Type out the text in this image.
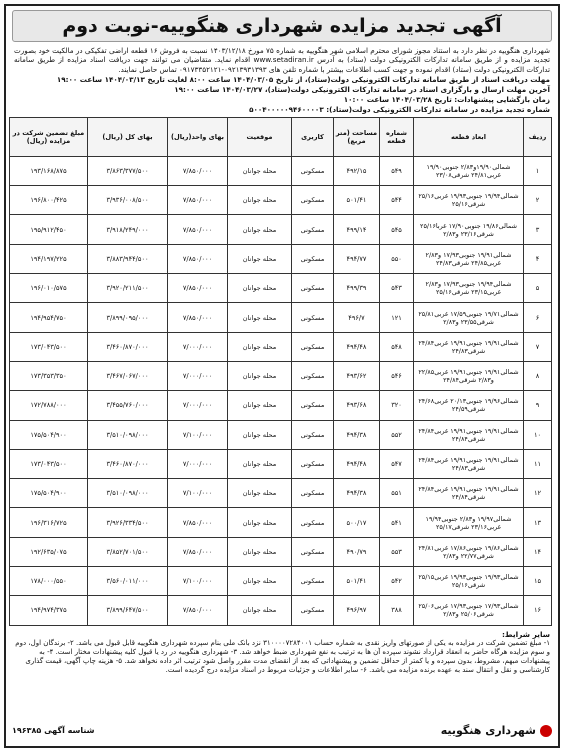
آگهی تجدید مزایده شهرداری هنگوییه-نوبت دوم
شهرداری هنگوییه در نظر دارد به استناد مجوز شورای محترم اسلامی شهر هنگوییه به شماره ۷۵ مورخ ۱۴۰۳/۱۲/۱۸ نسبت به فروش ۱۶ قطعه اراضی تفکیکی در مالکیت خود بصورت تجدید مزایده و از طریق سامانه تدارکات الکترونیکی دولت (ستاد) به آدرس www.setadiran.ir اقدام نماید. متقاضیان می توانند جهت دریافت اسناد مزایده از طریق سامانه تدارکات الکترونیکی دولت (ستاد) اقدام نموده و جهت کسب اطلاعات بیشتر با شماره تلفن های ۰۹۲۱۳۹۳۱۳۹۳-۰۹۱۷۳۳۵۲۱۲۱ تماس حاصل نمایند.
مهلت دریافت اسناد از طریق سامانه تدارکات الکترونیکی دولت(ستاد)، از تاریخ ۱۴۰۴/۰۳/۰۵ ساعت ۸:۰۰ لغایت تاریخ ۱۴۰۴/۰۳/۱۳ ساعت ۱۹:۰۰
آخرین مهلت ارسال و بارگزاری اسناد در سامانه تدارکات الکترونیکی دولت(ستاد)، ۱۴۰۴/۰۳/۲۷ ساعت ۱۹:۰۰
زمان بازگشایی پیشنهادات: تاریخ ۱۴۰۴/۰۳/۲۸ ساعت ۱۰:۰۰
شماره تجدید مزایده در سامانه تدارکات الکترونیکی دولت(ستاد): ۵۰۰۴۰۰۰۰۰۹۴۶۰۰۰۰۳
ردیف	ابعاد قطعه	شماره قطعه	مساحت (متر مربع)	کاربری	موقعیت	بهای واحد(ریال)	بهای کل (ریال)	مبلغ تضمین شرکت در مزایده (ریال)
۱	شمالی۱۹/۹۰و۲/۸۳ جنوبی۱۹/۹۰ غربی۲۴/۸۱ شرقی۲۳/۰۸	۵۴۹	۴۹۲/۱۵	مسکونی	محله جوانان	۷/۸۵۰/۰۰۰	۳/۸۶۳/۳۷۷/۵۰۰	۱۹۳/۱۶۸/۸۷۵
۲	شمالی۱۹/۹۴ جنوبی۱۹/۹۳ غربی۲۵/۱۶ شرقی۲۵/۱۶	۵۴۴	۵۰۱/۴۱	مسکونی	محله جوانان	۷/۸۵۰/۰۰۰	۳/۹۳۶/۰۰۸/۵۰۰	۱۹۶/۸۰۰/۴۲۵
۳	شمالی۱۹/۸۶ جنوبی۱۷/۹۰ غربا۲۵/۱۶ شرقی۲۳/۱۶ و۲/۸۳	۵۴۵	۴۹۹/۱۴	مسکونی	محله جوانان	۷/۸۵۰/۰۰۰	۳/۹۱۸/۲۴۹/۰۰۰	۱۹۵/۹۱۲/۴۵۰
۴	شمالی۱۹/۹۱ جنوبی۱۷/۹۳ و۲/۸۳ غربی۲۴/۸۵ شرقی۲۴/۸۳	۵۵۰	۴۹۴/۷۷	مسکونی	محله جوانان	۷/۸۵۰/۰۰۰	۳/۸۸۳/۹۴۴/۵۰۰	۱۹۴/۱۹۷/۲۲۵
۵	شمالی۱۹/۹۴ جنوبی۱۷/۹۳ و۲/۸۳ غربی۲۳/۱۵ شرقی۲۵/۱۶	۵۴۳	۴۹۹/۳۹	مسکونی	محله جوانان	۷/۸۵۰/۰۰۰	۳/۹۲۰/۲۱۱/۵۰۰	۱۹۶/۰۱۰/۵۷۵
۶	شمالی۱۹/۷۱ جنوبی۱۷/۵۹ غربی۲۵/۸۱ شرقی۲۳/۵۵ و۲/۸۳	۱۲۱	۴۹۶/۷	مسکونی	محله جوانان	۷/۸۵۰/۰۰۰	۳/۸۹۹/۰۹۵/۰۰۰	۱۹۴/۹۵۴/۷۵۰
۷	شمالی۱۹/۹۱ جنوبی۱۹/۹۱ غربی۲۴/۸۴ شرقی۲۴/۸۳	۵۴۸	۴۹۴/۴۸	مسکونی	محله جوانان	۷/۰۰۰/۰۰۰	۳/۴۶۰/۸۷۰/۰۰۰	۱۷۳/۰۴۳/۵۰۰
۸	شمالی۱۹/۹۱ جنوبی۱۹/۹۱ غربی۲۲/۸۵ و۲/۸۳ شرقی۲۴/۸۴	۵۴۶	۴۹۳/۶۲	مسکونی	محله جوانان	۷/۰۰۰/۰۰۰	۳/۴۶۷/۰۶۷/۰۰۰	۱۷۳/۳۵۳/۳۵۰
۹	شمالی۱۹/۹۶ جنوبی۲۰/۱۳ غربی۲۴/۶۸ شرقی۲۴/۵۹	۳۲۰	۴۹۳/۶۸	مسکونی	محله جوانان	۷/۰۰۰/۰۰۰	۳/۴۵۵/۷۶۰/۰۰۰	۱۷۲/۷۸۸/۰۰۰
۱۰	شمالی۱۹/۹۱ جنوبی۱۹/۹۱ غربی۲۴/۸۴ شرقی۲۴/۸۴	۵۵۲	۴۹۴/۳۸	مسکونی	محله جوانان	۷/۱۰۰/۰۰۰	۳/۵۱۰/۰۹۸/۰۰۰	۱۷۵/۵۰۴/۹۰۰
۱۱	شمالی۱۹/۹۱ جنوبی۱۹/۹۱ غربی۲۴/۸۴ شرقی۲۴/۸۳	۵۴۷	۴۹۴/۴۸	مسکونی	محله جوانان	۷/۰۰۰/۰۰۰	۳/۴۶۰/۸۷۰/۰۰۰	۱۷۳/۰۴۳/۵۰۰
۱۲	شمالی۱۹/۹۱ جنوبی۱۹/۹۱ غربی۲۴/۸۴ شرقی۲۴/۸۴	۵۵۱	۴۹۴/۳۸	مسکونی	محله جوانان	۷/۱۰۰/۰۰۰	۳/۵۱۰/۰۹۸/۰۰۰	۱۷۵/۵۰۴/۹۰۰
۱۳	شمالی۱۹/۹۷ و۲/۸۳ جنوبی۱۹/۹۴ غربی۲۳/۱۶ شرقی۲۵/۱۷	۵۴۱	۵۰۰/۱۷	مسکونی	محله جوانان	۷/۸۵۰/۰۰۰	۳/۹۲۶/۳۳۴/۵۰۰	۱۹۶/۳۱۶/۷۲۵
۱۴	شمالی۱۹/۸۶ جنوبی۱۷/۸۶ غربی۲۴/۸۱ شرقی۲۲/۷۷ و۲/۸۳	۵۵۳	۴۹۰/۷۹	مسکونی	محله جوانان	۷/۸۵۰/۰۰۰	۳/۸۵۲/۷۰۱/۵۰۰	۱۹۲/۶۳۵/۰۷۵
۱۵	شمالی۱۹/۹۳ جنوبی۱۹/۹۳ غربی۲۵/۱۵ شرقی۲۵/۱۶	۵۴۲	۵۰۱/۴۱	مسکونی	محله جوانان	۷/۱۰۰/۰۰۰	۳/۵۶۰/۰۱۱/۰۰۰	۱۷۸/۰۰۰/۵۵۰
۱۶	شمالی۱۷/۹۳ جنوبی۱۷/۹۳ غربی۲۵/۰۶ شرقی۲۵/۰۶ و۲/۸۳	۳۸۸	۴۹۶/۹۷	مسکونی	محله جوانان	۷/۸۵۰/۰۰۰	۳/۸۹۹/۶۴۷/۵۰۰	۱۹۴/۹۷۴/۳۷۵
سایر شرایط:
۱- مبلغ تضمین شرکت در مزایده به یکی از صورتهای واریز نقدی به شماره حساب ۳۱۰۰۰۰۷۲۸۴۰۰۱ نزد بانک ملی بنام سپرده شهرداری هنگوییه قابل قبول می باشد. ۲- برندگان اول، دوم و سوم مزایده هرگاه حاضر به انعقاد قرارداد نشوند سپرده آن ها به ترتیب به نفع شهرداری ضبط خواهد شد. ۳- شهرداری هنگوییه در رد یا قبول کلیه پیشنهادات مختار است. ۴- به پیشنهادات مبهم، مشروط، بدون سپرده و یا کمتر از حداقل تضمین و پیشنهاداتی که بعد از انقضای مدت مقرر واصل شود ترتیب اثر داده نخواهد شد. ۵- هزینه چاپ آگهی، قیمت گذاری کارشناسی و نقل و انتقال سند به عهده برنده مزایده می باشد. ۶- سایر اطلاعات و جزئیات مربوط در اسناد مزایده درج گردیده است.
شهرداری هنگوییه
شناسه آگهی ۱۹۶۳۸۵
